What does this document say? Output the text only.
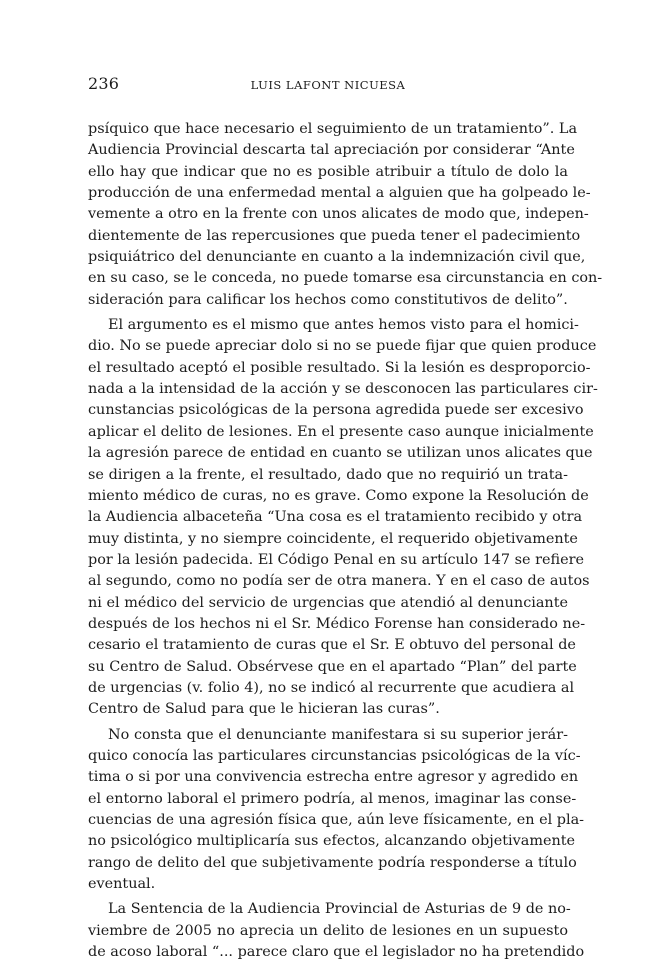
236	LUIS LAFONT NICUESA
psíquico que hace necesario el seguimiento de un tratamiento”. La
Audiencia Provincial descarta tal apreciación por considerar “Ante
ello hay que indicar que no es posible atribuir a título de dolo la
producción de una enfermedad mental a alguien que ha golpeado le-
vemente a otro en la frente con unos alicates de modo que, indepen-
dientemente de las repercusiones que pueda tener el padecimiento
psiquiátrico del denunciante en cuanto a la indemnización civil que,
en su caso, se le conceda, no puede tomarse esa circunstancia en con-
sideración para calificar los hechos como constitutivos de delito”.
El argumento es el mismo que antes hemos visto para el homici-
dio. No se puede apreciar dolo si no se puede fijar que quien produce
el resultado aceptó el posible resultado. Si la lesión es desproporcio-
nada a la intensidad de la acción y se desconocen las particulares cir-
cunstancias psicológicas de la persona agredida puede ser excesivo
aplicar el delito de lesiones. En el presente caso aunque inicialmente
la agresión parece de entidad en cuanto se utilizan unos alicates que
se dirigen a la frente, el resultado, dado que no requirió un trata-
miento médico de curas, no es grave. Como expone la Resolución de
la Audiencia albaceteña “Una cosa es el tratamiento recibido y otra
muy distinta, y no siempre coincidente, el requerido objetivamente
por la lesión padecida. El Código Penal en su artículo 147 se refiere
al segundo, como no podía ser de otra manera. Y en el caso de autos
ni el médico del servicio de urgencias que atendió al denunciante
después de los hechos ni el Sr. Médico Forense han considerado ne-
cesario el tratamiento de curas que el Sr. E obtuvo del personal de
su Centro de Salud. Obsérvese que en el apartado “Plan” del parte
de urgencias (v. folio 4), no se indicó al recurrente que acudiera al
Centro de Salud para que le hicieran las curas”.
No consta que el denunciante manifestara si su superior jerár-
quico conocía las particulares circunstancias psicológicas de la víc-
tima o si por una convivencia estrecha entre agresor y agredido en
el entorno laboral el primero podría, al menos, imaginar las conse-
cuencias de una agresión física que, aún leve físicamente, en el pla-
no psicológico multiplicaría sus efectos, alcanzando objetivamente
rango de delito del que subjetivamente podría responderse a título
eventual.
La Sentencia de la Audiencia Provincial de Asturias de 9 de no-
viembre de 2005 no aprecia un delito de lesiones en un supuesto
de acoso laboral “... parece claro que el legislador no ha pretendido
